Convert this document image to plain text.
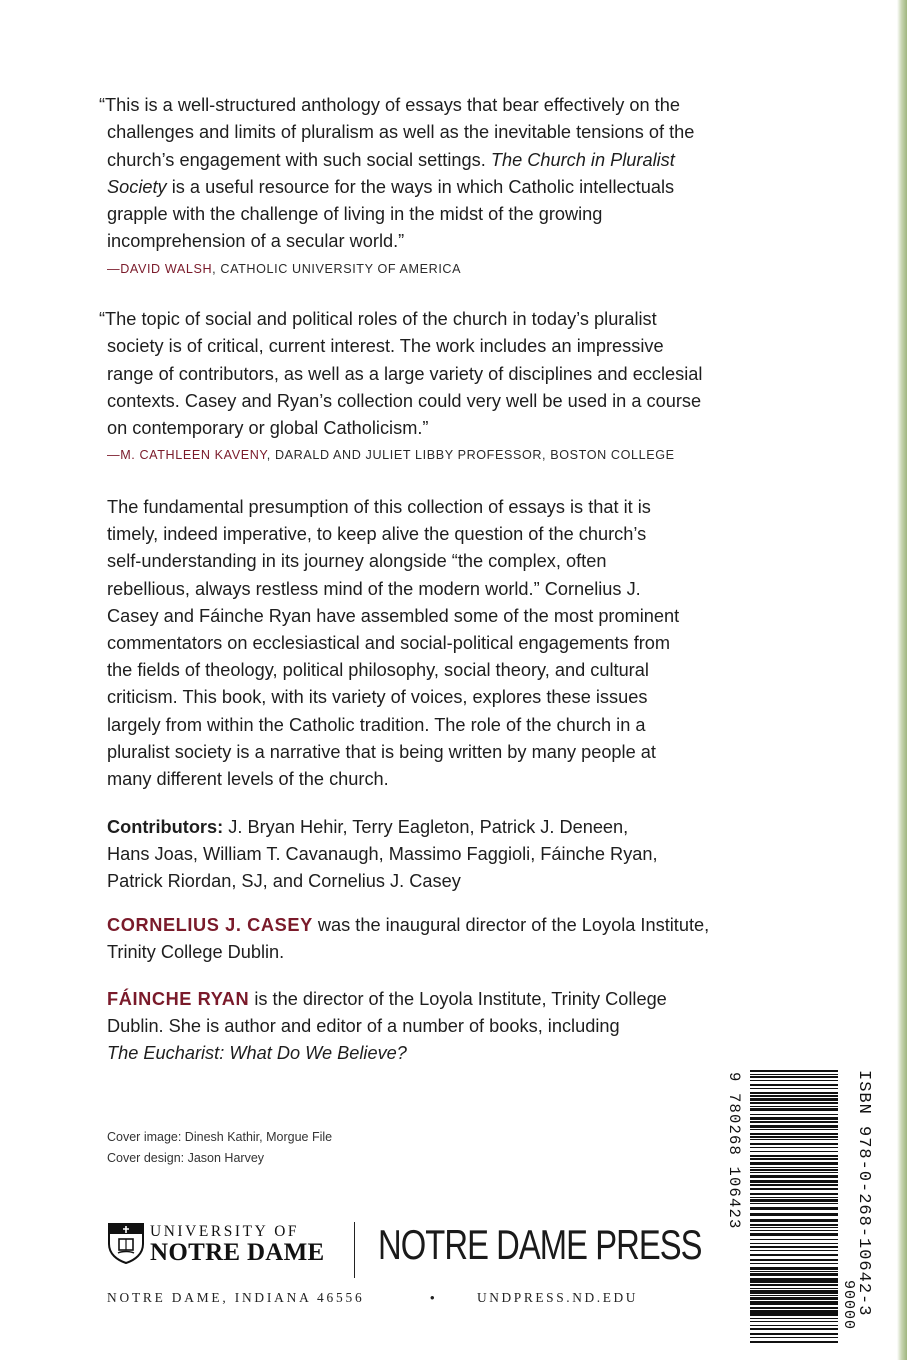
“This is a well-structured anthology of essays that bear effectively on the
challenges and limits of pluralism as well as the inevitable tensions of the
church’s engagement with such social settings. The Church in Pluralist
Society is a useful resource for the ways in which Catholic intellectuals
grapple with the challenge of living in the midst of the growing
incomprehension of a secular world.”
—DAVID WALSH, CATHOLIC UNIVERSITY OF AMERICA
“The topic of social and political roles of the church in today’s pluralist
society is of critical, current interest. The work includes an impressive
range of contributors, as well as a large variety of disciplines and ecclesial
contexts. Casey and Ryan’s collection could very well be used in a course
on contemporary or global Catholicism.”
—M. CATHLEEN KAVENY, DARALD AND JULIET LIBBY PROFESSOR, BOSTON COLLEGE
The fundamental presumption of this collection of essays is that it is
timely, indeed imperative, to keep alive the question of the church’s
self-understanding in its journey alongside “the complex, often
rebellious, always restless mind of the modern world.” Cornelius J.
Casey and Fáinche Ryan have assembled some of the most prominent
commentators on ecclesiastical and social-political engagements from
the fields of theology, political philosophy, social theory, and cultural
criticism. This book, with its variety of voices, explores these issues
largely from within the Catholic tradition. The role of the church in a
pluralist society is a narrative that is being written by many people at
many different levels of the church.
Contributors: J. Bryan Hehir, Terry Eagleton, Patrick J. Deneen,
Hans Joas, William T. Cavanaugh, Massimo Faggioli, Fáinche Ryan,
Patrick Riordan, SJ, and Cornelius J. Casey
CORNELIUS J. CASEY was the inaugural director of the Loyola Institute,
Trinity College Dublin.
FÁINCHE RYAN is the director of the Loyola Institute, Trinity College
Dublin. She is author and editor of a number of books, including
The Eucharist: What Do We Believe?
Cover image: Dinesh Kathir, Morgue File
Cover design: Jason Harvey
UNIVERSITY OF
NOTRE DAME NOTRE DAME PRESS
NOTRE DAME, INDIANA 46556	•	UNDPRESS.ND.EDU	ISBN 978-0-268-10642-3
9 780268 106423
90000
